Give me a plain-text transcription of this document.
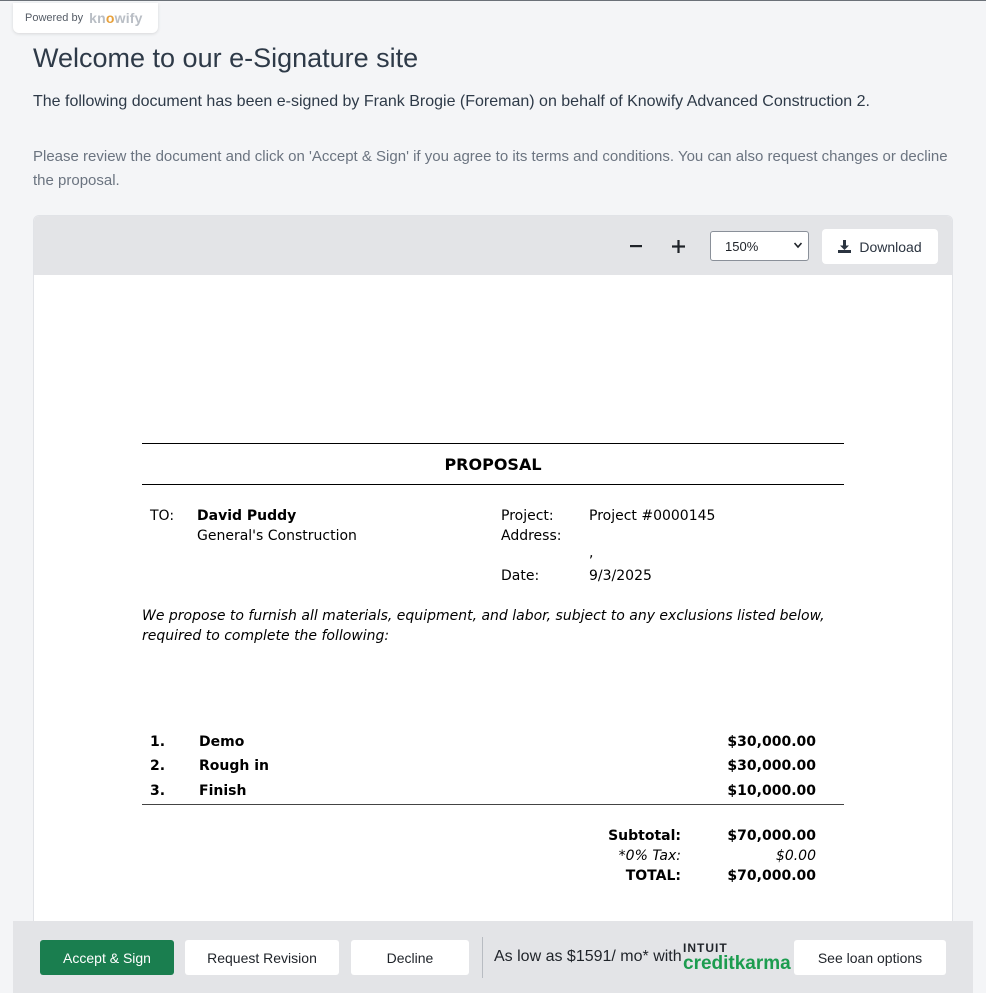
Powered by knowify
Welcome to our e-Signature site

The following document has been e-signed by Frank Brogie (Foreman) on behalf of Knowify Advanced Construction 2.

Please review the document and click on 'Accept & Sign' if you agree to its terms and conditions. You can also request changes or decline the proposal.

150%	Download
PROPOSAL
TO: David Puddy
General's Construction
Project:	Project #0000145
Address:
,
Date:	9/3/2025
We propose to furnish all materials, equipment, and labor, subject to any exclusions listed below,
required to complete the following:
1. Demo	$30,000.00
2. Rough in	$30,000.00
3. Finish	$10,000.00
Subtotal:	$70,000.00
*0% Tax:	$0.00
TOTAL:	$70,000.00
Accept & Sign	Request Revision	Decline	As low as $1591/ mo* with INTUIT
creditkarma	See loan options
